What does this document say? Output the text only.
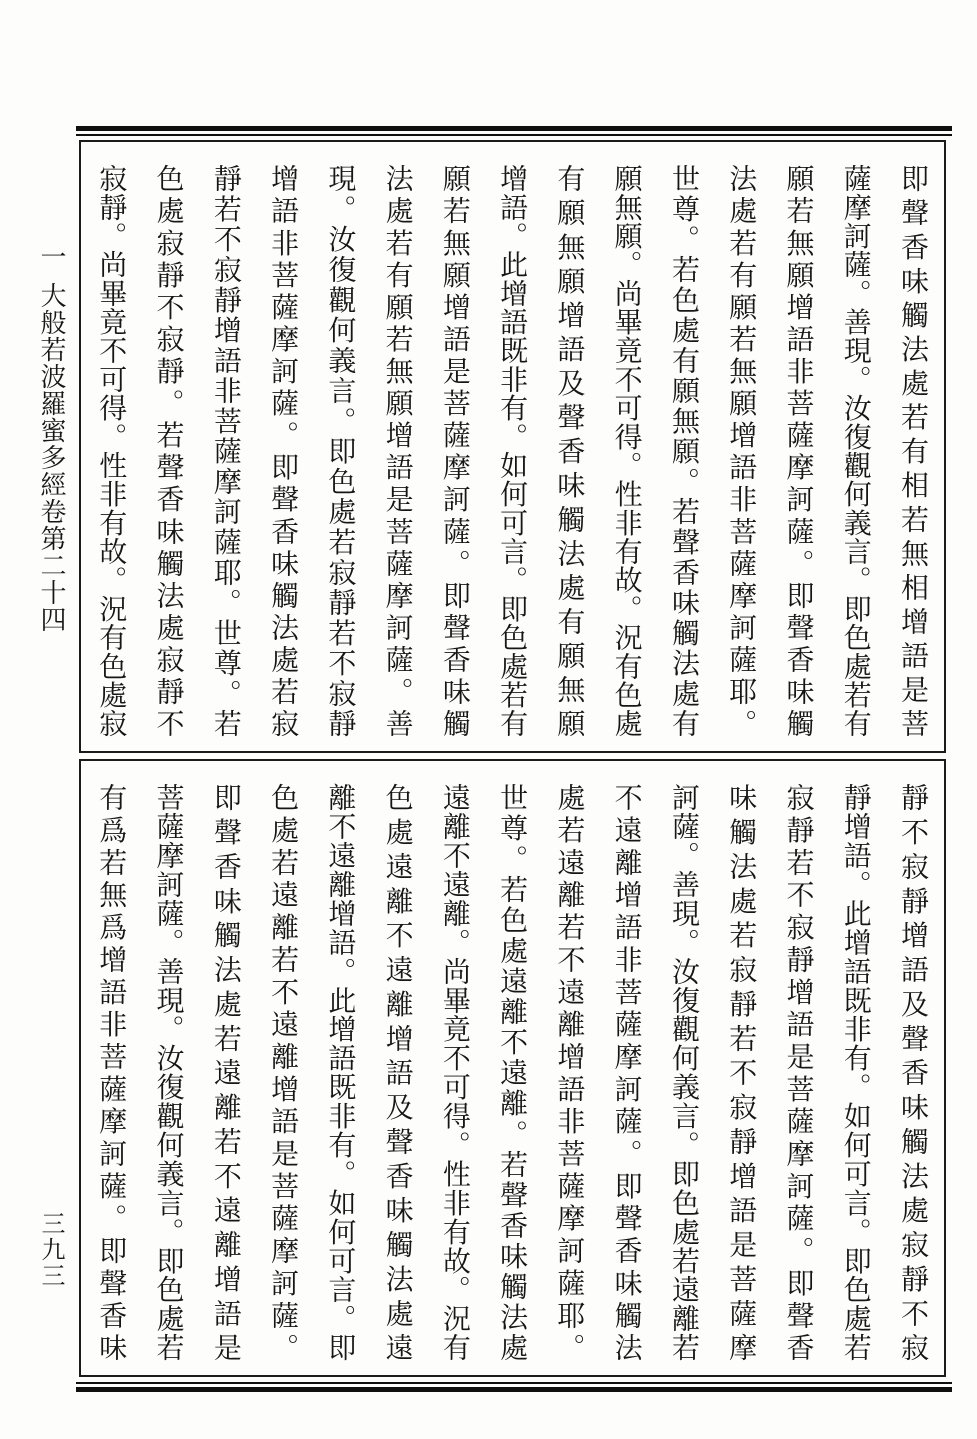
即聲香味觸法處若有相若無相增語是菩
薩摩訶薩。善現。汝復觀何義言。即色處若有
願若無願增語非菩薩摩訶薩。即聲香味觸
法處若有願若無願增語非菩薩摩訶薩耶。
世尊。若色處有願無願。若聲香味觸法處有
願無願。尚畢竟不可得。性非有故。況有色處
有願無願增語及聲香味觸法處有願無願
增語。此增語既非有。如何可言。即色處若有
願若無願增語是菩薩摩訶薩。即聲香味觸
法處若有願若無願增語是菩薩摩訶薩。善
現。汝復觀何義言。即色處若寂靜若不寂靜
增語非菩薩摩訶薩。即聲香味觸法處若寂
靜若不寂靜增語非菩薩摩訶薩耶。世尊。若
色處寂靜不寂靜。若聲香味觸法處寂靜不
寂靜。尚畢竟不可得。性非有故。況有色處寂
靜不寂靜增語及聲香味觸法處寂靜不寂
靜增語。此增語既非有。如何可言。即色處若
寂靜若不寂靜增語是菩薩摩訶薩。即聲香
味觸法處若寂靜若不寂靜增語是菩薩摩
訶薩。善現。汝復觀何義言。即色處若遠離若
不遠離增語非菩薩摩訶薩。即聲香味觸法
處若遠離若不遠離增語非菩薩摩訶薩耶。
世尊。若色處遠離不遠離。若聲香味觸法處
遠離不遠離。尚畢竟不可得。性非有故。況有
色處遠離不遠離增語及聲香味觸法處遠
離不遠離增語。此增語既非有。如何可言。即
色處若遠離若不遠離增語是菩薩摩訶薩。
即聲香味觸法處若遠離若不遠離增語是
菩薩摩訶薩。善現。汝復觀何義言。即色處若
有爲若無爲增語非菩薩摩訶薩。即聲香味
一
大般若波羅蜜多經卷第二十四
三九三
